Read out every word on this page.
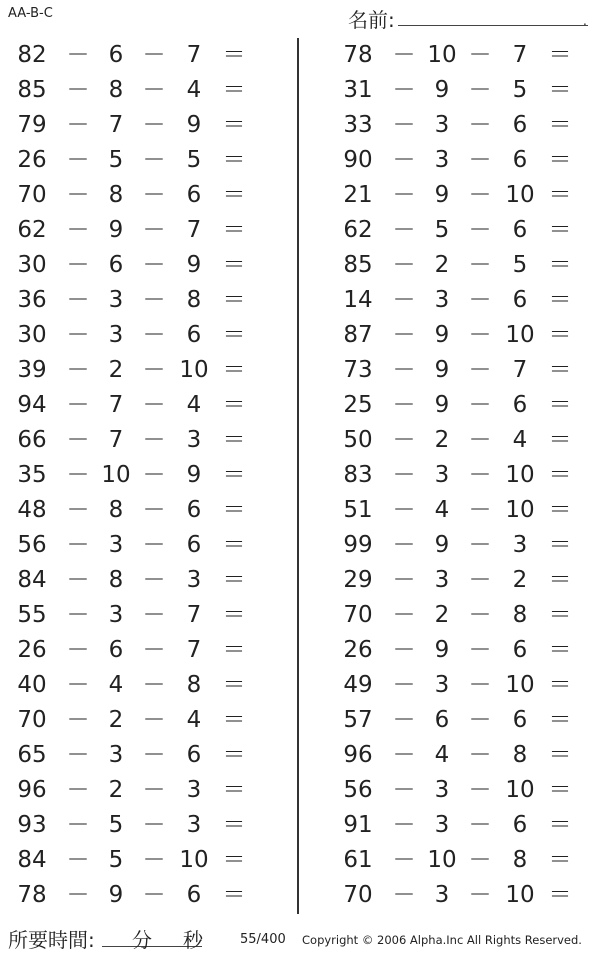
AA-B-C	名前:	.
82 － 6 － 7 ＝
85 － 8 － 4 ＝
79 － 7 － 9 ＝
26 － 5 － 5 ＝
70 － 8 － 6 ＝
62 － 9 － 7 ＝
30 － 6 － 9 ＝
36 － 3 － 8 ＝
30 － 3 － 6 ＝
39 － 2 － 10 ＝
94 － 7 － 4 ＝
66 － 7 － 3 ＝
35 － 10 － 9 ＝
48 － 8 － 6 ＝
56 － 3 － 6 ＝
84 － 8 － 3 ＝
55 － 3 － 7 ＝
26 － 6 － 7 ＝
40 － 4 － 8 ＝
70 － 2 － 4 ＝
65 － 3 － 6 ＝
96 － 2 － 3 ＝
93 － 5 － 3 ＝
84 － 5 － 10 ＝
78 － 9 － 6 ＝
78 － 10 － 7 ＝
31 － 9 － 5 ＝
33 － 3 － 6 ＝
90 － 3 － 6 ＝
21 － 9 － 10 ＝
62 － 5 － 6 ＝
85 － 2 － 5 ＝
14 － 3 － 6 ＝
87 － 9 － 10 ＝
73 － 9 － 7 ＝
25 － 9 － 6 ＝
50 － 2 － 4 ＝
83 － 3 － 10 ＝
51 － 4 － 10 ＝
99 － 9 － 3 ＝
29 － 3 － 2 ＝
70 － 2 － 8 ＝
26 － 9 － 6 ＝
49 － 3 － 10 ＝
57 － 6 － 6 ＝
96 － 4 － 8 ＝
56 － 3 － 10 ＝
91 － 3 － 6 ＝
61 － 10 － 8 ＝
70 － 3 － 10 ＝
所要時間: 分 秒	55/400 Copyright © 2006 Alpha.Inc All Rights Reserved.
